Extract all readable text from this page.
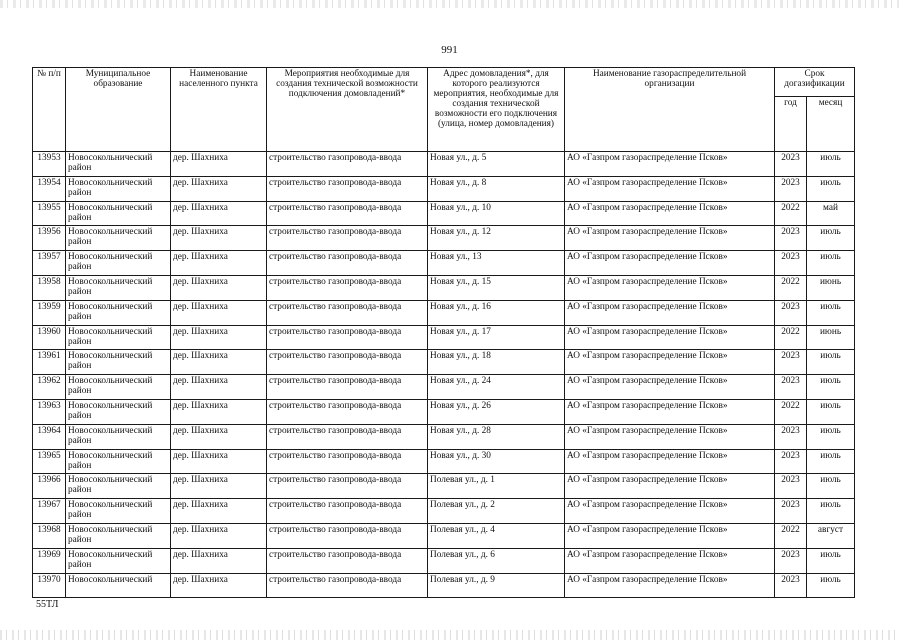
991
№ п/п	Муниципальное образование	Наименование населенного пункта	Мероприятия необходимые для создания технической возможности подключения домовладений*	Адрес домовладения*, для которого реализуются мероприятия, необходимые для создания технической возможности его подключения (улица, номер домовладения)	Наименование газораспределительной организации	Срок догазификации	
						год	месяц
13953	Новосокольнический район	дер. Шахниха	строительство газопровода-ввода	Новая ул., д. 5	АО «Газпром газораспределение Псков»	2023	июль
13954	Новосокольнический район	дер. Шахниха	строительство газопровода-ввода	Новая ул., д. 8	АО «Газпром газораспределение Псков»	2023	июль
13955	Новосокольнический район	дер. Шахниха	строительство газопровода-ввода	Новая ул., д. 10	АО «Газпром газораспределение Псков»	2022	май
13956	Новосокольнический район	дер. Шахниха	строительство газопровода-ввода	Новая ул., д. 12	АО «Газпром газораспределение Псков»	2023	июль
13957	Новосокольнический район	дер. Шахниха	строительство газопровода-ввода	Новая ул., 13	АО «Газпром газораспределение Псков»	2023	июль
13958	Новосокольнический район	дер. Шахниха	строительство газопровода-ввода	Новая ул., д. 15	АО «Газпром газораспределение Псков»	2022	июнь
13959	Новосокольнический район	дер. Шахниха	строительство газопровода-ввода	Новая ул., д. 16	АО «Газпром газораспределение Псков»	2023	июль
13960	Новосокольнический район	дер. Шахниха	строительство газопровода-ввода	Новая ул., д. 17	АО «Газпром газораспределение Псков»	2022	июнь
13961	Новосокольнический район	дер. Шахниха	строительство газопровода-ввода	Новая ул., д. 18	АО «Газпром газораспределение Псков»	2023	июль
13962	Новосокольнический район	дер. Шахниха	строительство газопровода-ввода	Новая ул., д. 24	АО «Газпром газораспределение Псков»	2023	июль
13963	Новосокольнический район	дер. Шахниха	строительство газопровода-ввода	Новая ул., д. 26	АО «Газпром газораспределение Псков»	2022	июль
13964	Новосокольнический район	дер. Шахниха	строительство газопровода-ввода	Новая ул., д. 28	АО «Газпром газораспределение Псков»	2023	июль
13965	Новосокольнический район	дер. Шахниха	строительство газопровода-ввода	Новая ул., д. 30	АО «Газпром газораспределение Псков»	2023	июль
13966	Новосокольнический район	дер. Шахниха	строительство газопровода-ввода	Полевая ул., д. 1	АО «Газпром газораспределение Псков»	2023	июль
13967	Новосокольнический район	дер. Шахниха	строительство газопровода-ввода	Полевая ул., д. 2	АО «Газпром газораспределение Псков»	2023	июль
13968	Новосокольнический район	дер. Шахниха	строительство газопровода-ввода	Полевая ул., д. 4	АО «Газпром газораспределение Псков»	2022	август
13969	Новосокольнический район	дер. Шахниха	строительство газопровода-ввода	Полевая ул., д. 6	АО «Газпром газораспределение Псков»	2023	июль
13970	Новосокольнический	дер. Шахниха	строительство газопровода-ввода	Полевая ул., д. 9	АО «Газпром газораспределение Псков»	2023	июль
55ТЛ
